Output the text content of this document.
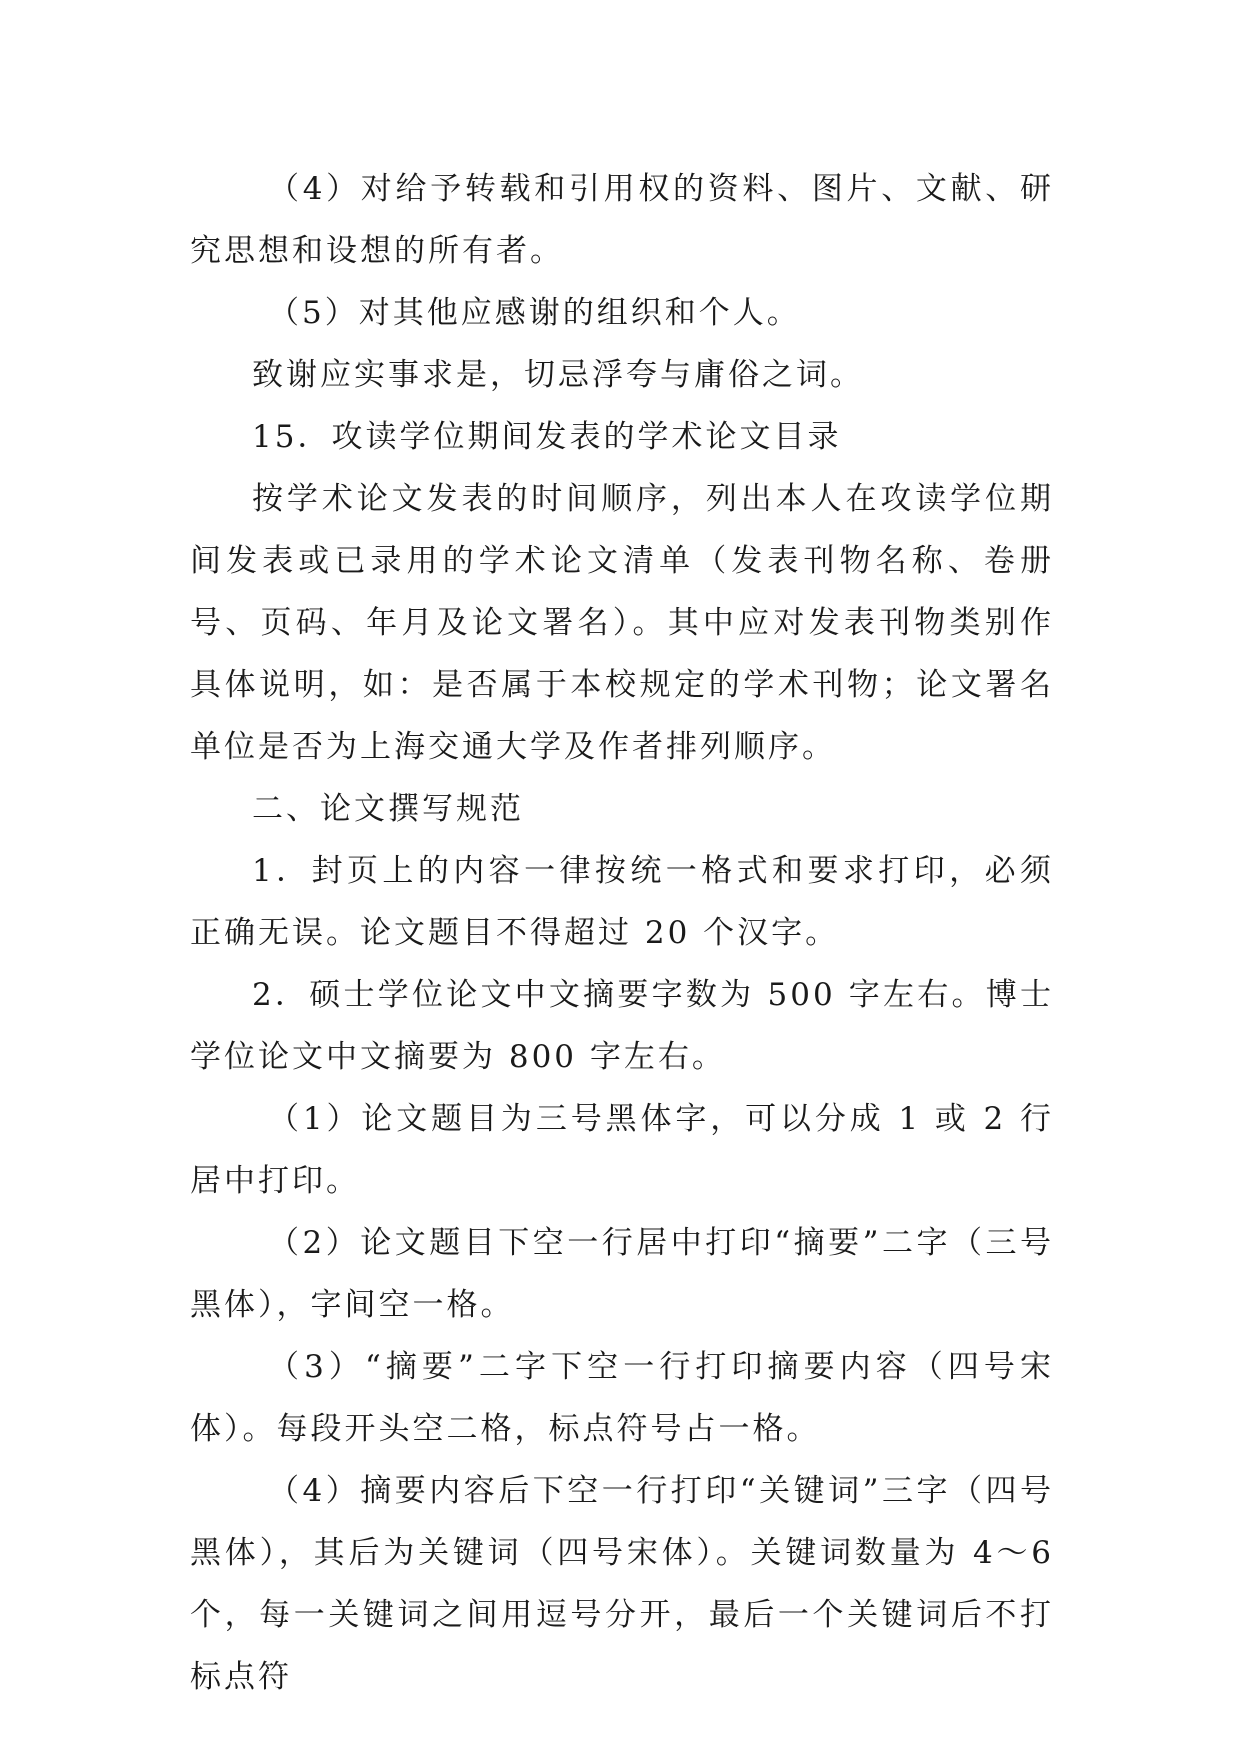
（4）对给予转载和引用权的资料、图片、文献、研究思想和设想的所有者。

（5）对其他应感谢的组织和个人。

致谢应实事求是，切忌浮夸与庸俗之词。

15．攻读学位期间发表的学术论文目录

按学术论文发表的时间顺序，列出本人在攻读学位期间发表或已录用的学术论文清单（发表刊物名称、卷册号、页码、年月及论文署名）。其中应对发表刊物类别作具体说明，如：是否属于本校规定的学术刊物；论文署名单位是否为上海交通大学及作者排列顺序。

二、论文撰写规范

1．封页上的内容一律按统一格式和要求打印，必须正确无误。论文题目不得超过 20 个汉字。

2．硕士学位论文中文摘要字数为 500 字左右。博士学位论文中文摘要为 800 字左右。

（1）论文题目为三号黑体字，可以分成 1 或 2 行居中打印。

（2）论文题目下空一行居中打印“摘要”二字（三号黑体），字间空一格。

（3）“摘要”二字下空一行打印摘要内容（四号宋体）。每段开头空二格，标点符号占一格。

（4）摘要内容后下空一行打印“关键词”三字（四号黑体），其后为关键词（四号宋体）。关键词数量为 4～6 个，每一关键词之间用逗号分开，最后一个关键词后不打标点符
